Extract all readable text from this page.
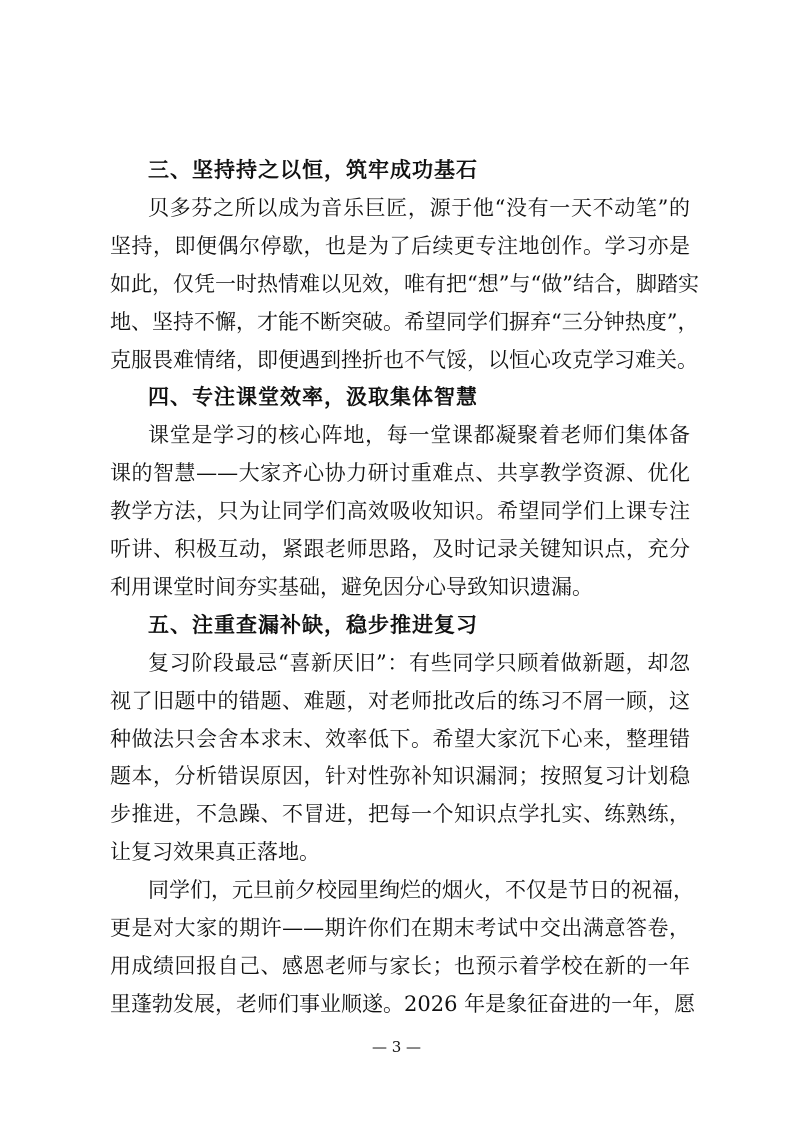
三、坚持持之以恒，筑牢成功基石
贝多芬之所以成为音乐巨匠，源于他“没有一天不动笔”的
坚持，即便偶尔停歇，也是为了后续更专注地创作。学习亦是
如此，仅凭一时热情难以见效，唯有把“想”与“做”结合，脚踏实
地、坚持不懈，才能不断突破。希望同学们摒弃“三分钟热度”，
克服畏难情绪，即便遇到挫折也不气馁，以恒心攻克学习难关。
四、专注课堂效率，汲取集体智慧
课堂是学习的核心阵地，每一堂课都凝聚着老师们集体备
课的智慧——大家齐心协力研讨重难点、共享教学资源、优化
教学方法，只为让同学们高效吸收知识。希望同学们上课专注
听讲、积极互动，紧跟老师思路，及时记录关键知识点，充分
利用课堂时间夯实基础，避免因分心导致知识遗漏。
五、注重查漏补缺，稳步推进复习
复习阶段最忌“喜新厌旧”：有些同学只顾着做新题，却忽
视了旧题中的错题、难题，对老师批改后的练习不屑一顾，这
种做法只会舍本求末、效率低下。希望大家沉下心来，整理错
题本，分析错误原因，针对性弥补知识漏洞；按照复习计划稳
步推进，不急躁、不冒进，把每一个知识点学扎实、练熟练，
让复习效果真正落地。
同学们，元旦前夕校园里绚烂的烟火，不仅是节日的祝福，
更是对大家的期许——期许你们在期末考试中交出满意答卷，
用成绩回报自己、感恩老师与家长；也预示着学校在新的一年
里蓬勃发展，老师们事业顺遂。2026 年是象征奋进的一年，愿
— 3 —
